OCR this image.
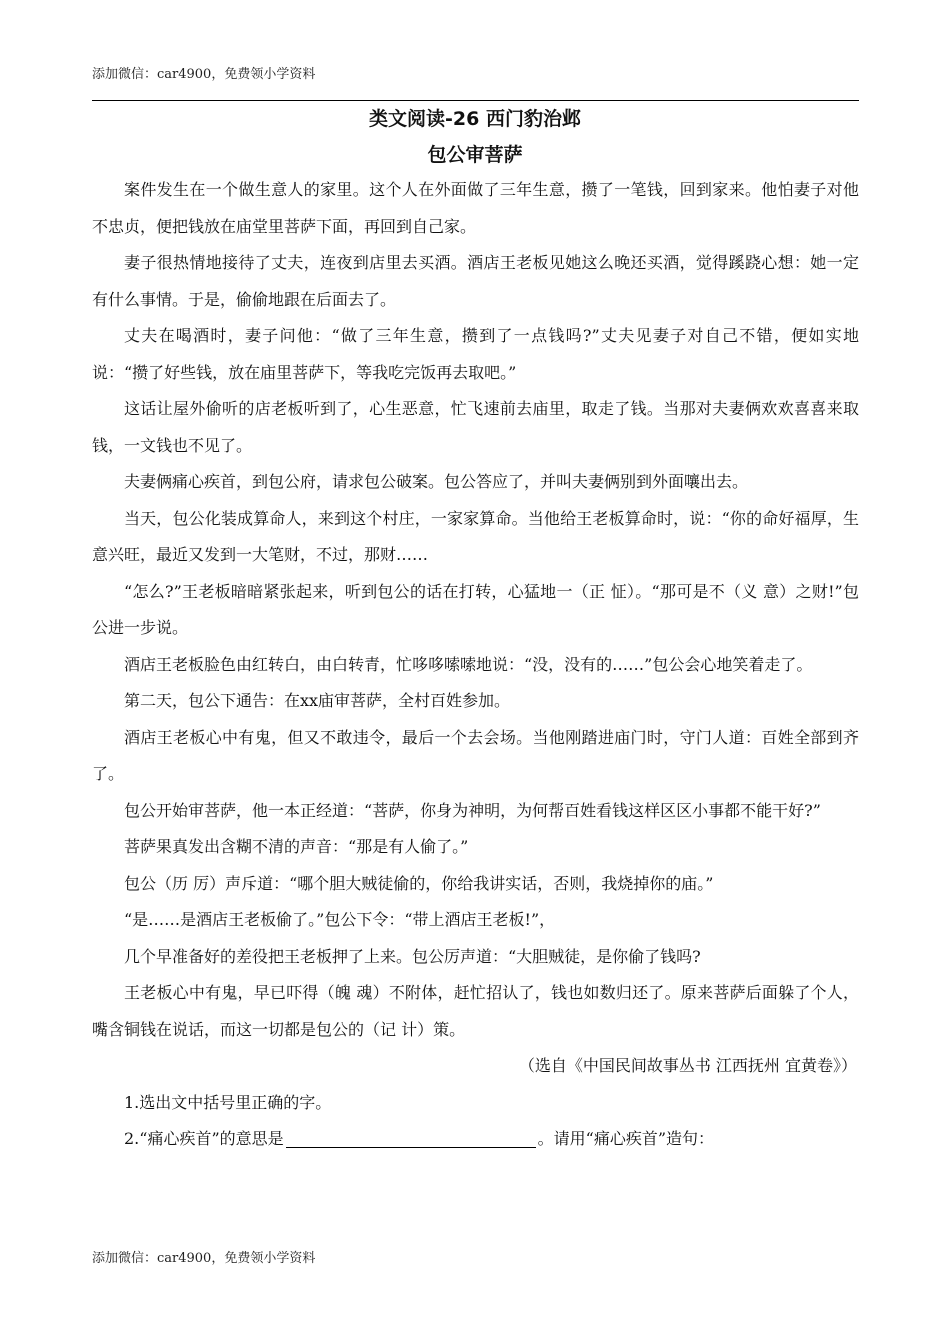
添加微信：car4900，免费领小学资料
类文阅读-26 西门豹治邺
包公审菩萨

案件发生在一个做生意人的家里。这个人在外面做了三年生意，攒了一笔钱，回到家来。他怕妻子对他不忠贞，便把钱放在庙堂里菩萨下面，再回到自己家。

妻子很热情地接待了丈夫，连夜到店里去买酒。酒店王老板见她这么晚还买酒，觉得蹊跷心想：她一定有什么事情。于是，偷偷地跟在后面去了。

丈夫在喝酒时，妻子问他：“做了三年生意，攒到了一点钱吗?”丈夫见妻子对自己不错，便如实地说：“攒了好些钱，放在庙里菩萨下，等我吃完饭再去取吧。”

这话让屋外偷听的店老板听到了，心生恶意，忙飞速前去庙里，取走了钱。当那对夫妻俩欢欢喜喜来取钱，一文钱也不见了。

夫妻俩痛心疾首，到包公府，请求包公破案。包公答应了，并叫夫妻俩别到外面嚷出去。

当天，包公化装成算命人，来到这个村庄，一家家算命。当他给王老板算命时，说：“你的命好福厚，生意兴旺，最近又发到一大笔财，不过，那财……

“怎么?”王老板暗暗紧张起来，听到包公的话在打转，心猛地一（正 怔）。“那可是不（义 意）之财!”包公进一步说。

酒店王老板脸色由红转白，由白转青，忙哆哆嗦嗦地说：“没，没有的……”包公会心地笑着走了。

第二天，包公下通告：在xx庙审菩萨，全村百姓参加。

酒店王老板心中有鬼，但又不敢违令，最后一个去会场。当他刚踏进庙门时，守门人道：百姓全部到齐了。

包公开始审菩萨，他一本正经道：“菩萨，你身为神明，为何帮百姓看钱这样区区小事都不能干好?”

菩萨果真发出含糊不清的声音：“那是有人偷了。”

包公（历 厉）声斥道：“哪个胆大贼徒偷的，你给我讲实话，否则，我烧掉你的庙。”

“是……是酒店王老板偷了。”包公下令：“带上酒店王老板!”，

几个早准备好的差役把王老板押了上来。包公厉声道：“大胆贼徒，是你偷了钱吗?

王老板心中有鬼，早已吓得（魄 魂）不附体，赶忙招认了，钱也如数归还了。原来菩萨后面躲了个人，嘴含铜钱在说话，而这一切都是包公的（记 计）策。

（选自《中国民间故事丛书 江西抚州 宜黄卷》）

1.选出文中括号里正确的字。

2.“痛心疾首”的意思是	。请用“痛心疾首”造句：

添加微信：car4900，免费领小学资料
